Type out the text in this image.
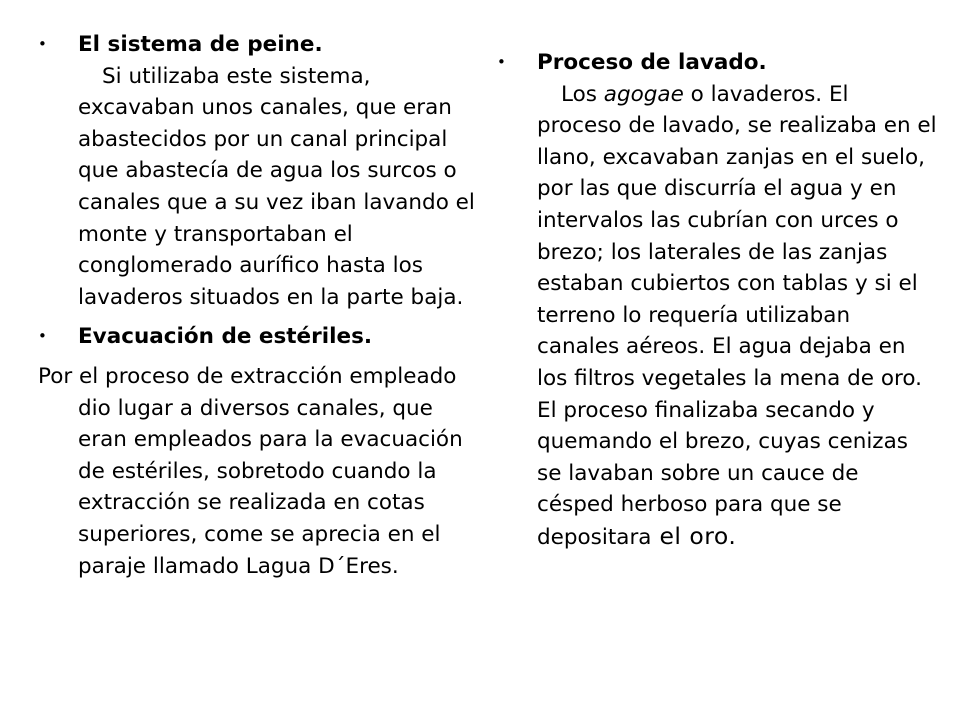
• El sistema de peine.

Si utilizaba este sistema, excavaban unos canales, que eran abastecidos por un canal principal que abastecía de agua los surcos o canales que a su vez iban lavando el monte y transportaban el conglomerado aurífico hasta los lavaderos situados en la parte baja.

• Evacuación de estériles.

Por el proceso de extracción empleado dio lugar a diversos canales, que eran empleados para la evacuación de estériles, sobretodo cuando la extracción se realizada en cotas superiores, come se aprecia en el paraje llamado Lagua D´Eres.

• Proceso de lavado.

Los agogae o lavaderos. El proceso de lavado, se realizaba en el llano, excavaban zanjas en el suelo, por las que discurría el agua y en intervalos las cubrían con urces o brezo; los laterales de las zanjas estaban cubiertos con tablas y si el terreno lo requería utilizaban canales aéreos. El agua dejaba en los filtros vegetales la mena de oro. El proceso finalizaba secando y quemando el brezo, cuyas cenizas se lavaban sobre un cauce de césped herboso para que se depositara el oro.
